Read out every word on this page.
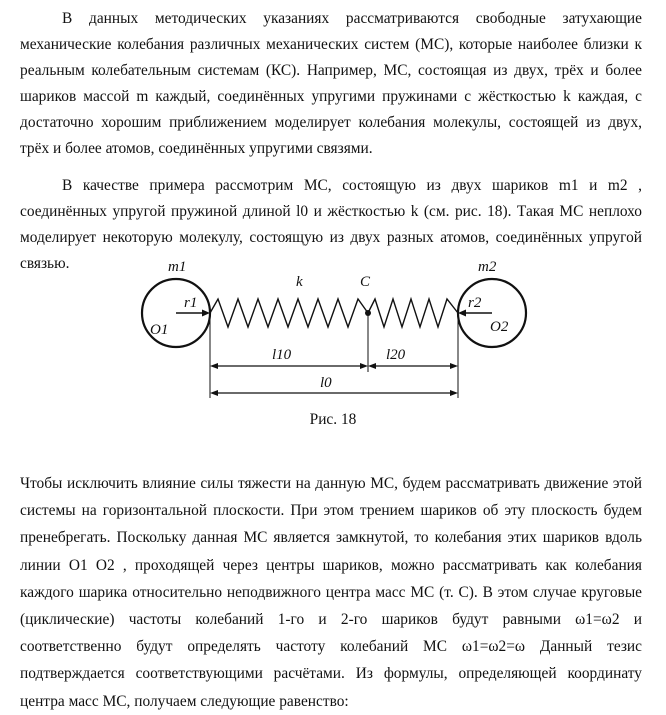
В данных методических указаниях рассматриваются свободные затухающие механические колебания различных механических систем (МС), которые наиболее близки к реальным колебательным системам (КС). Например, МС, состоящая из двух, трёх и более шариков массой m каждый, соединённых упругими пружинами с жёсткостью k каждая, с достаточно хорошим приближением моделирует колебания молекулы, состоящей из двух, трёх и более атомов, соединённых упругими связями.

В качестве примера рассмотрим МС, состоящую из двух шариков m1 и m2 , соединённых упругой пружиной длиной l0 и жёсткостью k (см. рис. 18). Такая МС неплохо моделирует некоторую молекулу, состоящую из двух разных атомов, соединённых упругой связью.	m1	m2
k	C
r1	r2
O1	O2
l10	l20
l0
Рис. 18

Чтобы исключить влияние силы тяжести на данную МС, будем рассматривать движение этой системы на горизонтальной плоскости. При этом трением шариков об эту плоскость будем пренебрегать. Поскольку данная МС является замкнутой, то колебания этих шариков вдоль линии O1 O2 , проходящей через центры шариков, можно рассматривать как колебания каждого шарика относительно неподвижного центра масс МС (т. С). В этом случае круговые (циклические) частоты колебаний 1-го и 2-го шариков будут равными ω1=ω2 и соответственно будут определять частоту колебаний МС ω1=ω2=ω Данный тезис подтверждается соответствующими расчётами. Из формулы, определяющей координату центра масс МС, получаем следующие равенство:
